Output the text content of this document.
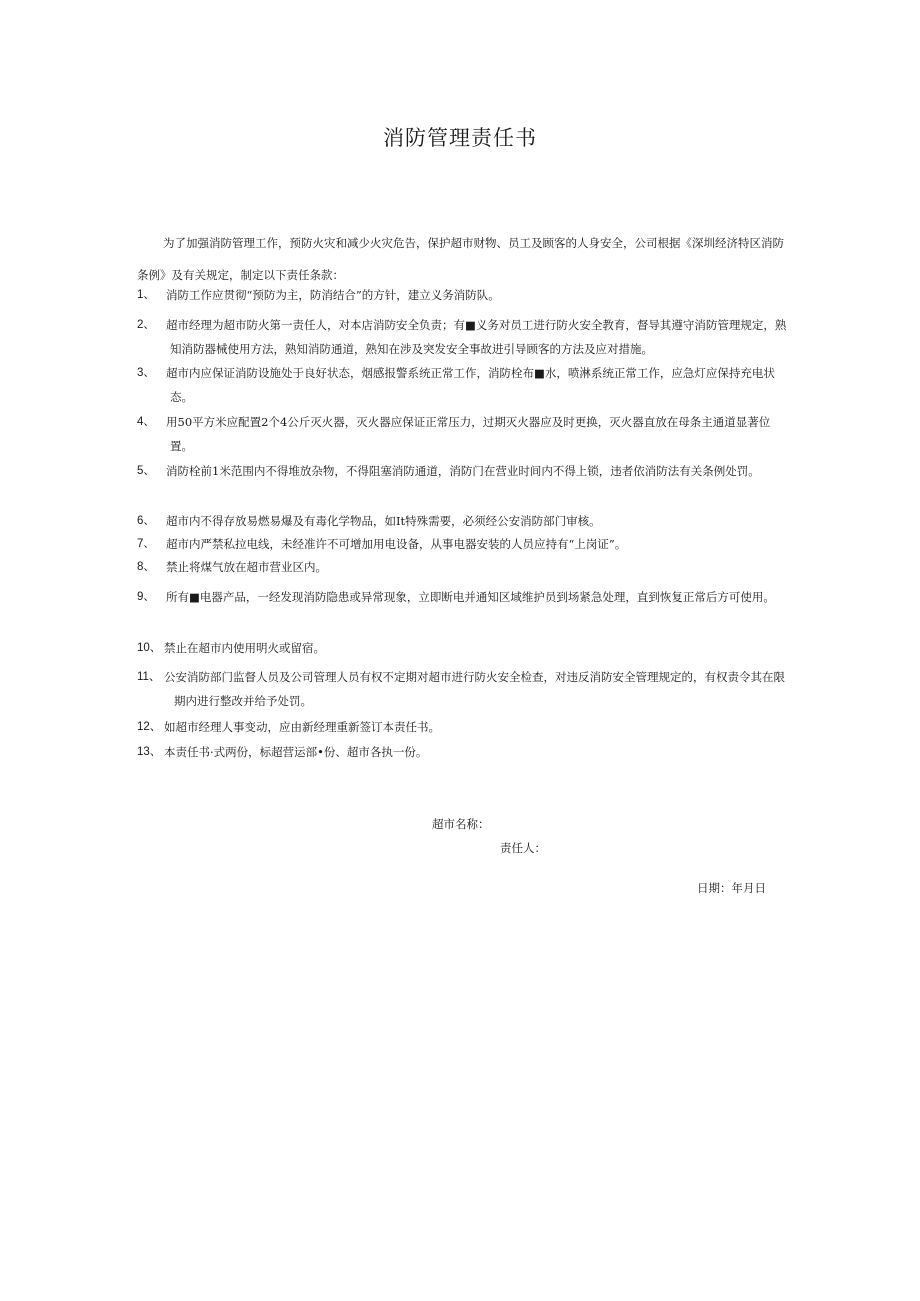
消防管理责任书
为了加强消防管理工作，预防火灾和减少火灾危告，保护超市财物、员工及顾客的人身安全，公司根据《深圳经济特区消防条例》及有关规定，制定以下责任条款：
1、 消防工作应贯彻“预防为主，防消结合”的方针，建立义务消防队。
2、 超市经理为超市防火第一责任人，对本店消防安全负责；有■义务对员工进行防火安全教育，督导其遵守消防管理规定，熟知消防器械使用方法，熟知消防通道，熟知在涉及突发安全事故进引导顾客的方法及应对措施。
3、 超市内应保证消防设施处于良好状态，烟感报警系统正常工作，消防栓布■水，喷淋系统正常工作，应急灯应保持充电状态。
4、 用50平方米应配置2个4公斤灭火器，灭火器应保证正常压力，过期灭火器应及时更换，灭火器直放在母条主通道显著位置。
5、 消防栓前1米范围内不得堆放杂物，不得阻塞消防通道，消防门在营业时间内不得上锁，违者依消防法有关条例处罚。
6、 超市内不得存放易燃易爆及有毒化学物品，如It特殊需要，必须经公安消防部门审核。
7、 超市内严禁私拉电线，未经准许不可增加用电设备，从事电器安装的人员应持有“上岗证”。
8、 禁止将煤气放在超市营业区内。
9、 所有■电器产品，一经发现消防隐患或异常现象，立即断电并通知区域维护员到场紧急处理，直到恢复正常后方可使用。
10、 禁止在超市内使用明火或留宿。
11、 公安消防部门监督人员及公司管理人员有权不定期对超市进行防火安全检查，对违反消防安全管理规定的，有权责令其在限期内进行整改并给予处罚。
12、 如超市经理人事变动，应由新经理重新签订本责任书。
13、 本责任书·式两份，标超营运部•份、超市各执一份。
超市名称：
责任人：
日期：年月日
